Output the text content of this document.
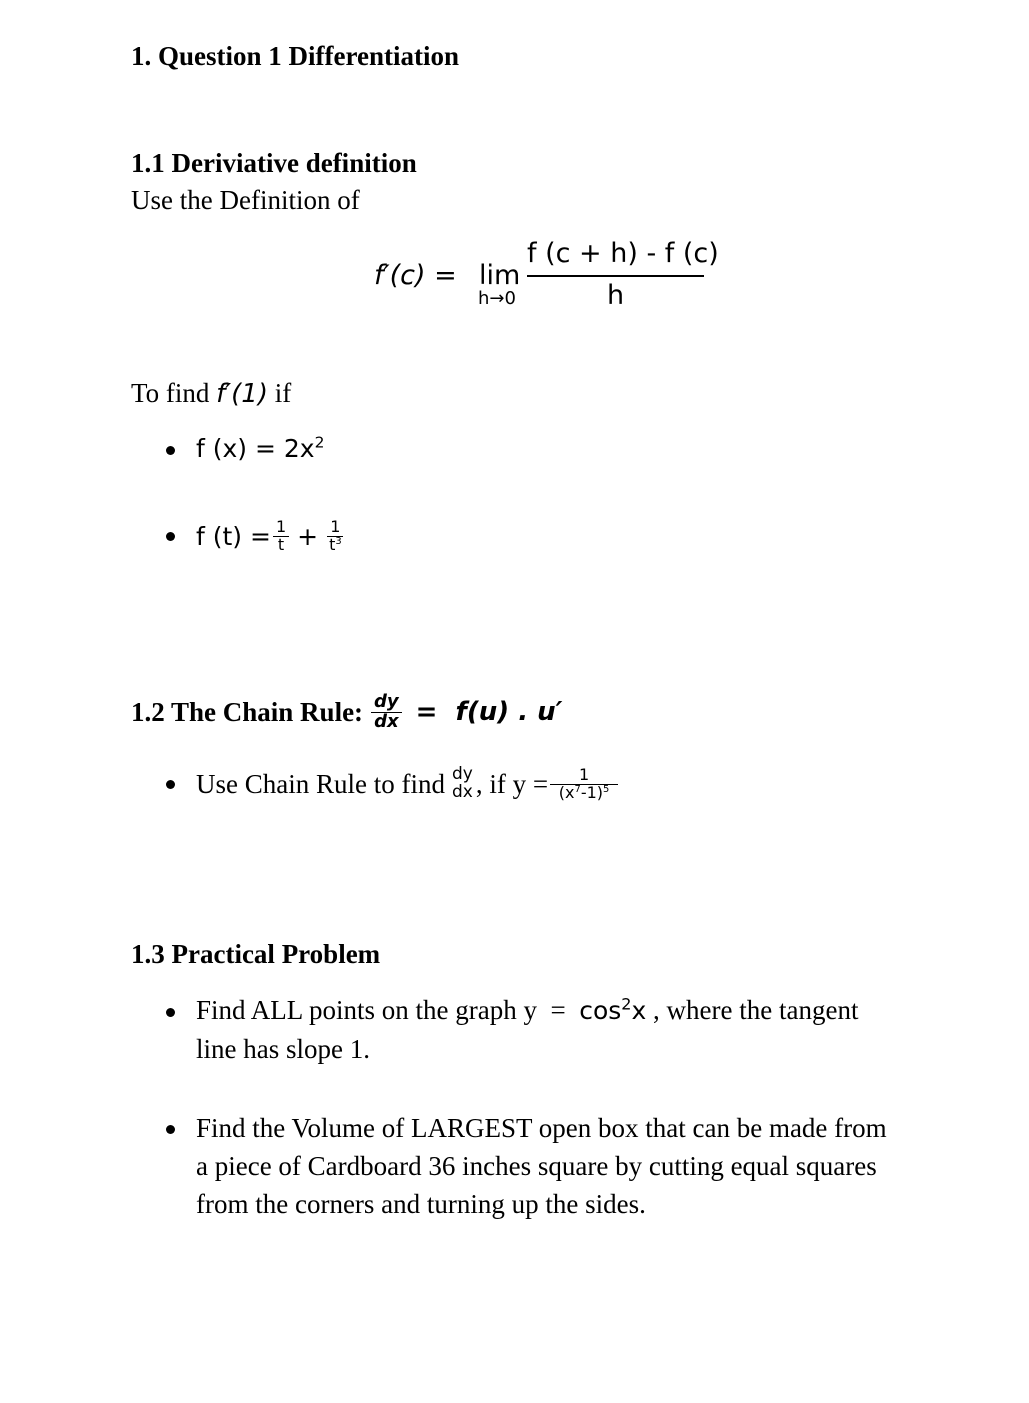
1. Question 1 Differentiation
1.1 Deriviative definition
Use the Definition of
f′(c) = lim
h→0
f (c + h) - f (c)
h
To find f′(1) if
f $(x) = 2x^2$
f $(t) = \frac{1}{t} + \frac{1}{t^3}$
1.2 The Chain Rule: $\frac{dy}{dx} = f(u)$ . u′
Use Chain Rule to find dy
dx , if $y = \frac{1}{(x^7-1)^5}$
1.3 Practical Problem
Find ALL points on the graph $y = \cos^2x$ , where the tangent
line has slope 1.
Find the Volume of LARGEST open box that can be made from
a piece of Cardboard 36 inches square by cutting equal squares
from the corners and turning up the sides.
